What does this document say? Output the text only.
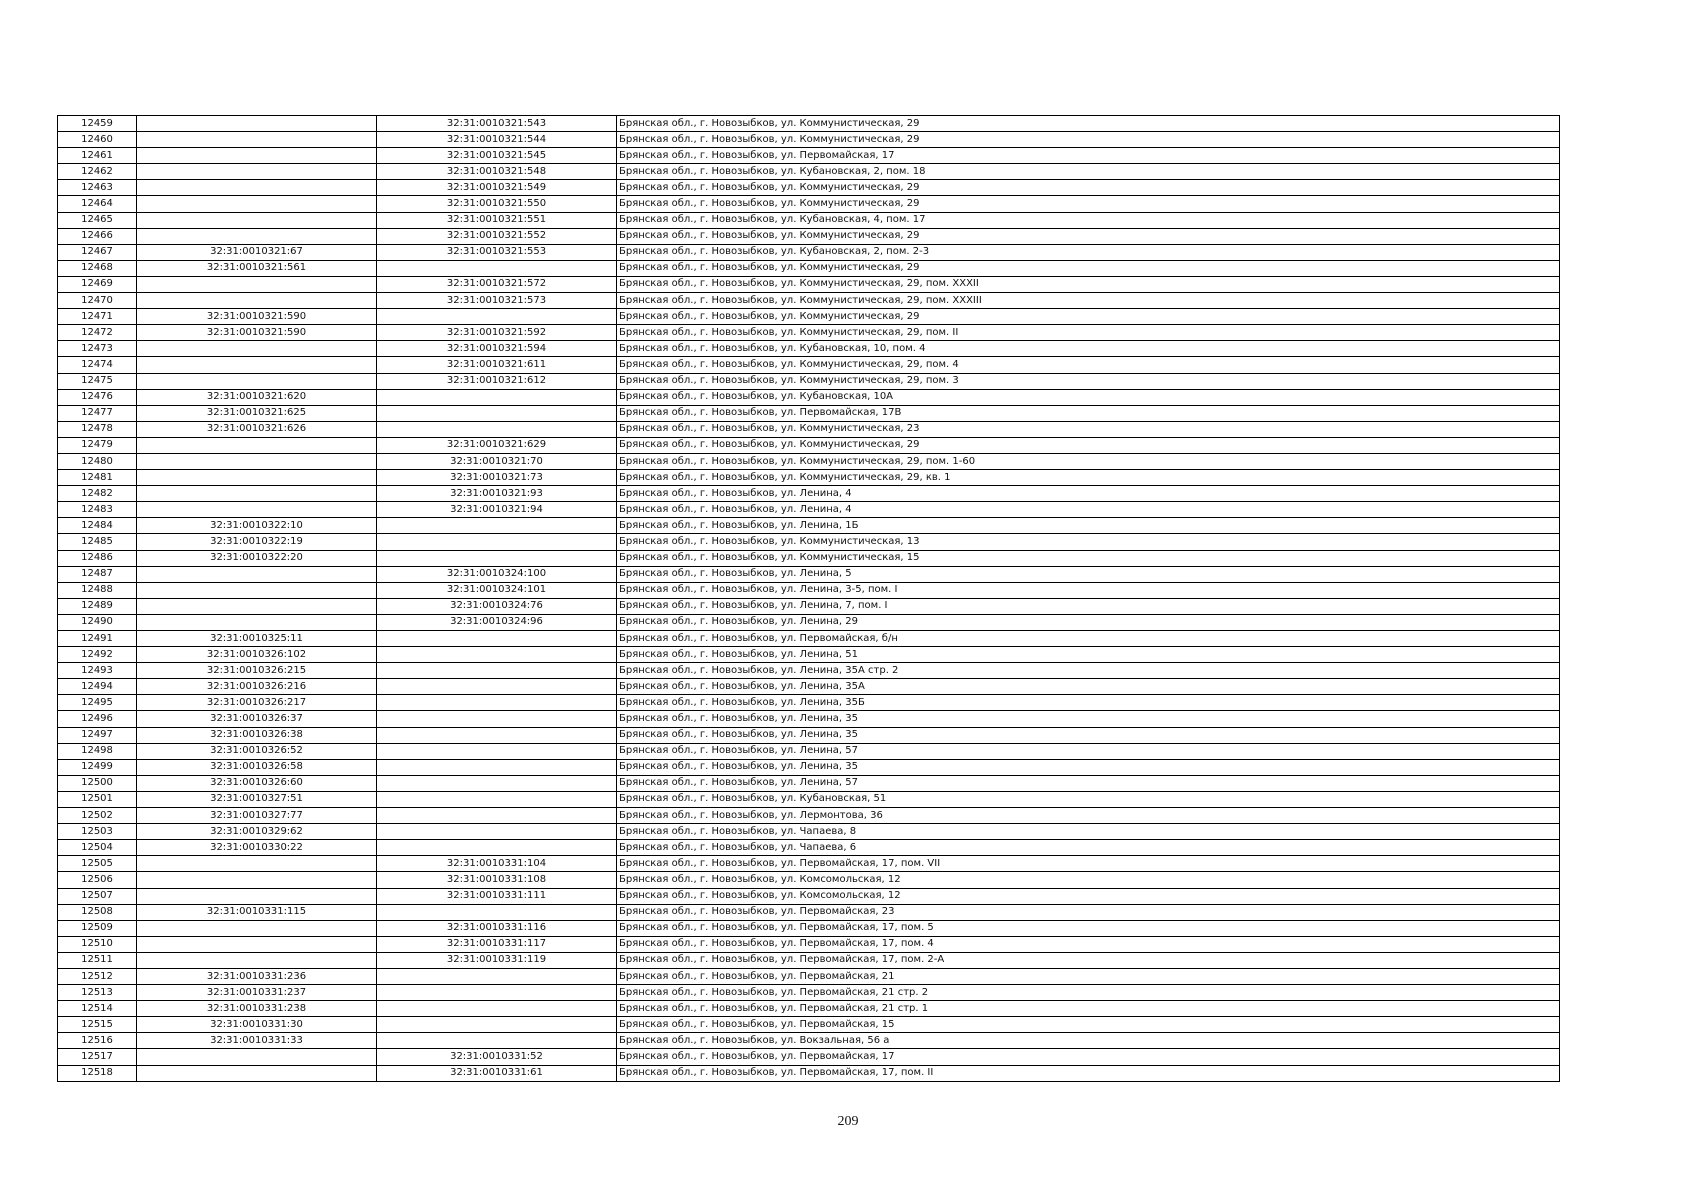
12459		32:31:0010321:543	Брянская обл., г. Новозыбков, ул. Коммунистическая, 29
12460		32:31:0010321:544	Брянская обл., г. Новозыбков, ул. Коммунистическая, 29
12461		32:31:0010321:545	Брянская обл., г. Новозыбков, ул. Первомайская, 17
12462		32:31:0010321:548	Брянская обл., г. Новозыбков, ул. Кубановская, 2, пом. 18
12463		32:31:0010321:549	Брянская обл., г. Новозыбков, ул. Коммунистическая, 29
12464		32:31:0010321:550	Брянская обл., г. Новозыбков, ул. Коммунистическая, 29
12465		32:31:0010321:551	Брянская обл., г. Новозыбков, ул. Кубановская, 4, пом. 17
12466		32:31:0010321:552	Брянская обл., г. Новозыбков, ул. Коммунистическая, 29
12467	32:31:0010321:67	32:31:0010321:553	Брянская обл., г. Новозыбков, ул. Кубановская, 2, пом. 2-3
12468	32:31:0010321:561		Брянская обл., г. Новозыбков, ул. Коммунистическая, 29
12469		32:31:0010321:572	Брянская обл., г. Новозыбков, ул. Коммунистическая, 29, пом. XXXII
12470		32:31:0010321:573	Брянская обл., г. Новозыбков, ул. Коммунистическая, 29, пом. XXXIII
12471	32:31:0010321:590		Брянская обл., г. Новозыбков, ул. Коммунистическая, 29
12472	32:31:0010321:590	32:31:0010321:592	Брянская обл., г. Новозыбков, ул. Коммунистическая, 29, пом. II
12473		32:31:0010321:594	Брянская обл., г. Новозыбков, ул. Кубановская, 10, пом. 4
12474		32:31:0010321:611	Брянская обл., г. Новозыбков, ул. Коммунистическая, 29, пом. 4
12475		32:31:0010321:612	Брянская обл., г. Новозыбков, ул. Коммунистическая, 29, пом. 3
12476	32:31:0010321:620		Брянская обл., г. Новозыбков, ул. Кубановская, 10А
12477	32:31:0010321:625		Брянская обл., г. Новозыбков, ул. Первомайская, 17В
12478	32:31:0010321:626		Брянская обл., г. Новозыбков, ул. Коммунистическая, 23
12479		32:31:0010321:629	Брянская обл., г. Новозыбков, ул. Коммунистическая, 29
12480		32:31:0010321:70	Брянская обл., г. Новозыбков, ул. Коммунистическая, 29, пом. 1-60
12481		32:31:0010321:73	Брянская обл., г. Новозыбков, ул. Коммунистическая, 29, кв. 1
12482		32:31:0010321:93	Брянская обл., г. Новозыбков, ул. Ленина, 4
12483		32:31:0010321:94	Брянская обл., г. Новозыбков, ул. Ленина, 4
12484	32:31:0010322:10		Брянская обл., г. Новозыбков, ул. Ленина, 1Б
12485	32:31:0010322:19		Брянская обл., г. Новозыбков, ул. Коммунистическая, 13
12486	32:31:0010322:20		Брянская обл., г. Новозыбков, ул. Коммунистическая, 15
12487		32:31:0010324:100	Брянская обл., г. Новозыбков, ул. Ленина, 5
12488		32:31:0010324:101	Брянская обл., г. Новозыбков, ул. Ленина, 3-5, пом. I
12489		32:31:0010324:76	Брянская обл., г. Новозыбков, ул. Ленина, 7, пом. I
12490		32:31:0010324:96	Брянская обл., г. Новозыбков, ул. Ленина, 29
12491	32:31:0010325:11		Брянская обл., г. Новозыбков, ул. Первомайская, б/н
12492	32:31:0010326:102		Брянская обл., г. Новозыбков, ул. Ленина, 51
12493	32:31:0010326:215		Брянская обл., г. Новозыбков, ул. Ленина, 35А стр. 2
12494	32:31:0010326:216		Брянская обл., г. Новозыбков, ул. Ленина, 35А
12495	32:31:0010326:217		Брянская обл., г. Новозыбков, ул. Ленина, 35Б
12496	32:31:0010326:37		Брянская обл., г. Новозыбков, ул. Ленина, 35
12497	32:31:0010326:38		Брянская обл., г. Новозыбков, ул. Ленина, 35
12498	32:31:0010326:52		Брянская обл., г. Новозыбков, ул. Ленина, 57
12499	32:31:0010326:58		Брянская обл., г. Новозыбков, ул. Ленина, 35
12500	32:31:0010326:60		Брянская обл., г. Новозыбков, ул. Ленина, 57
12501	32:31:0010327:51		Брянская обл., г. Новозыбков, ул. Кубановская, 51
12502	32:31:0010327:77		Брянская обл., г. Новозыбков, ул. Лермонтова, 36
12503	32:31:0010329:62		Брянская обл., г. Новозыбков, ул. Чапаева, 8
12504	32:31:0010330:22		Брянская обл., г. Новозыбков, ул. Чапаева, 6
12505		32:31:0010331:104	Брянская обл., г. Новозыбков, ул. Первомайская, 17, пом. VII
12506		32:31:0010331:108	Брянская обл., г. Новозыбков, ул. Комсомольская, 12
12507		32:31:0010331:111	Брянская обл., г. Новозыбков, ул. Комсомольская, 12
12508	32:31:0010331:115		Брянская обл., г. Новозыбков, ул. Первомайская, 23
12509		32:31:0010331:116	Брянская обл., г. Новозыбков, ул. Первомайская, 17, пом. 5
12510		32:31:0010331:117	Брянская обл., г. Новозыбков, ул. Первомайская, 17, пом. 4
12511		32:31:0010331:119	Брянская обл., г. Новозыбков, ул. Первомайская, 17, пом. 2-А
12512	32:31:0010331:236		Брянская обл., г. Новозыбков, ул. Первомайская, 21
12513	32:31:0010331:237		Брянская обл., г. Новозыбков, ул. Первомайская, 21 стр. 2
12514	32:31:0010331:238		Брянская обл., г. Новозыбков, ул. Первомайская, 21 стр. 1
12515	32:31:0010331:30		Брянская обл., г. Новозыбков, ул. Первомайская, 15
12516	32:31:0010331:33		Брянская обл., г. Новозыбков, ул. Вокзальная, 56 а
12517		32:31:0010331:52	Брянская обл., г. Новозыбков, ул. Первомайская, 17
12518		32:31:0010331:61	Брянская обл., г. Новозыбков, ул. Первомайская, 17, пом. II
209
